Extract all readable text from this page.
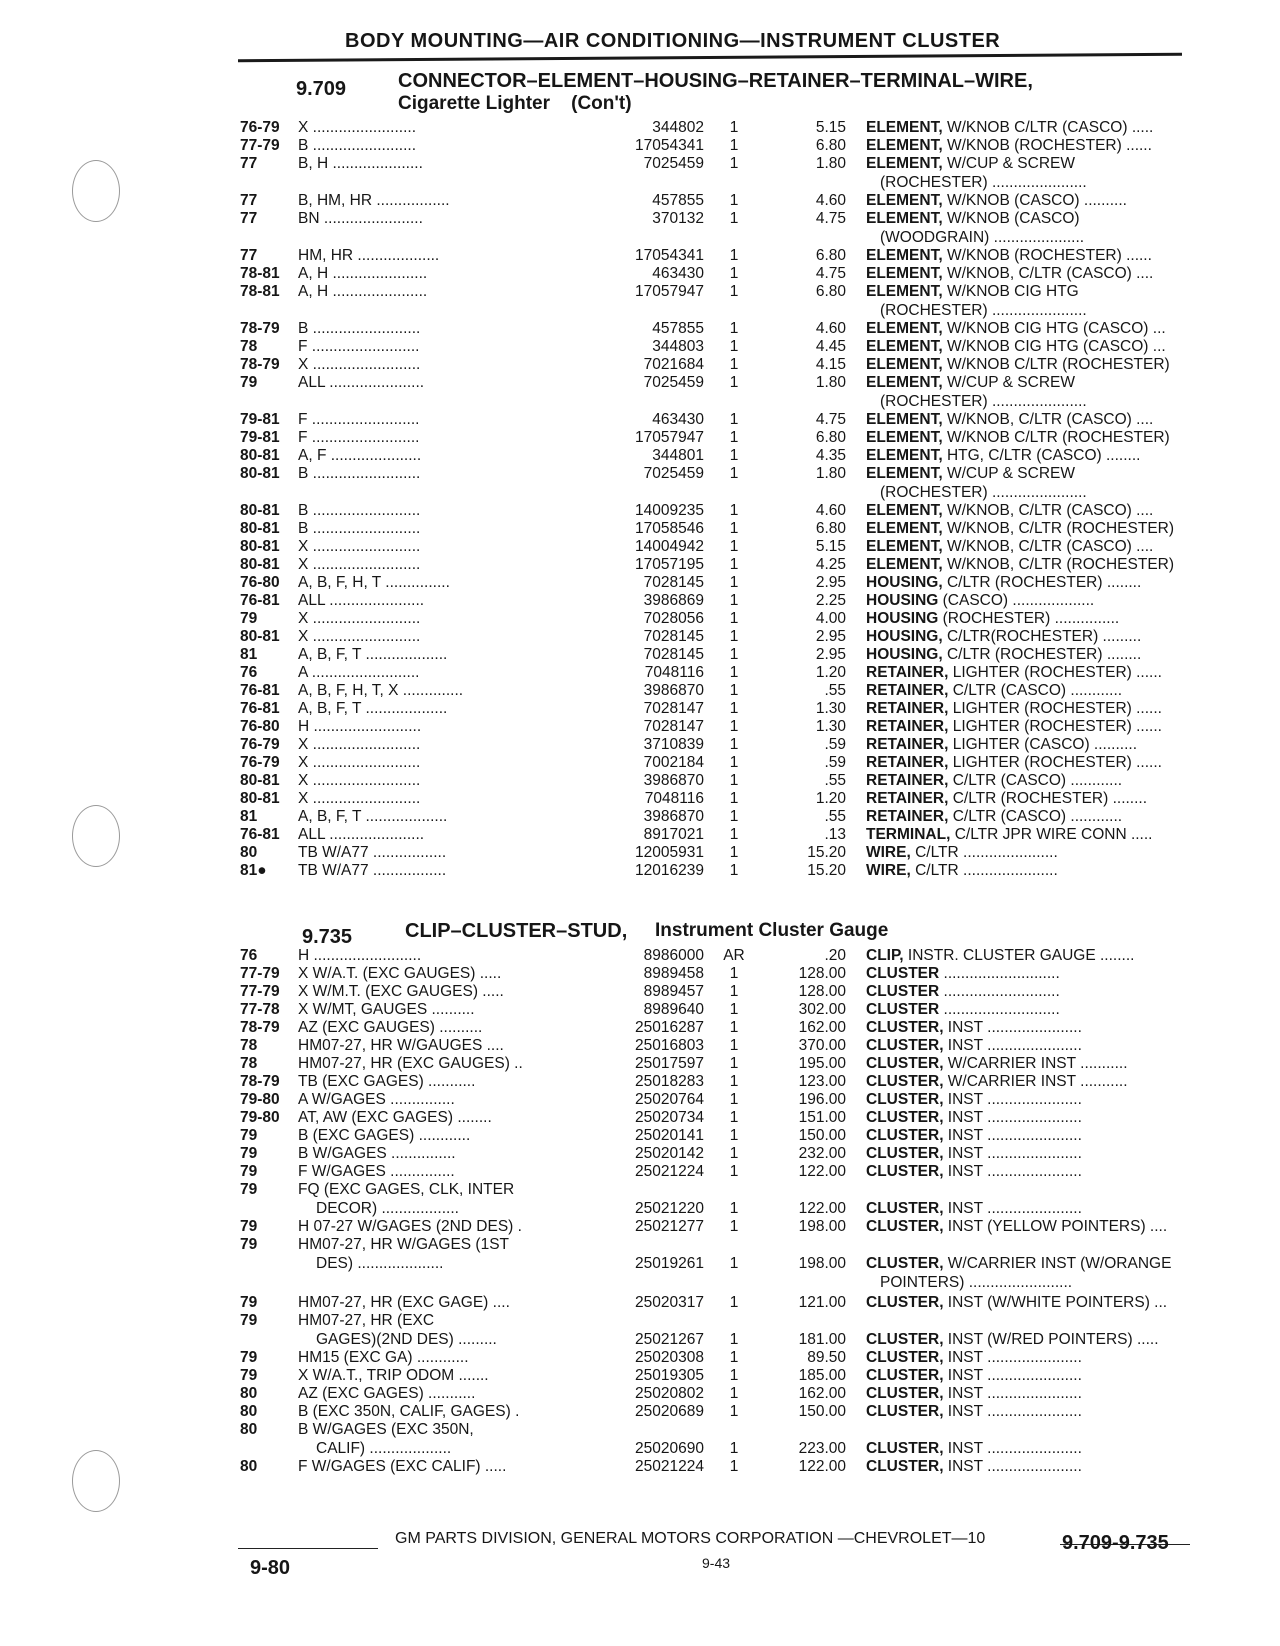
BODY MOUNTING—AIR CONDITIONING—INSTRUMENT CLUSTER
9.709	CONNECTOR–ELEMENT–HOUSING–RETAINER–TERMINAL–WIRE,
Cigarette Lighter    (Con't)
76-79	X ........................	344802	1	5.15 ELEMENT, W/KNOB C/LTR (CASCO) .....
77-79	B ........................	17054341	1	6.80 ELEMENT, W/KNOB (ROCHESTER) ......
77	B, H .....................	7025459	1	1.80 ELEMENT, W/CUP & SCREW
(ROCHESTER) ......................
77	B, HM, HR .................	457855	1	4.60 ELEMENT, W/KNOB (CASCO) ..........
77	BN .......................	370132	1	4.75 ELEMENT, W/KNOB (CASCO)
(WOODGRAIN) .....................
77	HM, HR ...................	17054341	1	6.80 ELEMENT, W/KNOB (ROCHESTER) ......
78-81	A, H ......................	463430	1	4.75 ELEMENT, W/KNOB, C/LTR (CASCO) ....
78-81	A, H ......................	17057947	1	6.80 ELEMENT, W/KNOB CIG HTG
(ROCHESTER) ......................
78-79	B .........................	457855	1	4.60 ELEMENT, W/KNOB CIG HTG (CASCO) ...
78	F .........................	344803	1	4.45 ELEMENT, W/KNOB CIG HTG (CASCO) ...
78-79	X .........................	7021684	1	4.15 ELEMENT, W/KNOB C/LTR (ROCHESTER)
79	ALL ......................	7025459	1	1.80 ELEMENT, W/CUP & SCREW
(ROCHESTER) ......................
79-81	F .........................	463430	1	4.75 ELEMENT, W/KNOB, C/LTR (CASCO) ....
79-81	F .........................	17057947	1	6.80 ELEMENT, W/KNOB C/LTR (ROCHESTER)
80-81	A, F .....................	344801	1	4.35 ELEMENT, HTG, C/LTR (CASCO) ........
80-81	B .........................	7025459	1	1.80 ELEMENT, W/CUP & SCREW
(ROCHESTER) ......................
80-81	B .........................	14009235	1	4.60 ELEMENT, W/KNOB, C/LTR (CASCO) ....
80-81	B .........................	17058546	1	6.80 ELEMENT, W/KNOB, C/LTR (ROCHESTER)
80-81	X .........................	14004942	1	5.15 ELEMENT, W/KNOB, C/LTR (CASCO) ....
80-81	X .........................	17057195	1	4.25 ELEMENT, W/KNOB, C/LTR (ROCHESTER)
76-80	A, B, F, H, T ...............	7028145	1	2.95 HOUSING, C/LTR (ROCHESTER) ........
76-81	ALL ......................	3986869	1	2.25 HOUSING (CASCO) ...................
79	X .........................	7028056	1	4.00 HOUSING (ROCHESTER) ...............
80-81	X .........................	7028145	1	2.95 HOUSING, C/LTR(ROCHESTER) .........
81	A, B, F, T ...................	7028145	1	2.95 HOUSING, C/LTR (ROCHESTER) ........
76	A .........................	7048116	1	1.20 RETAINER, LIGHTER (ROCHESTER) ......
76-81	A, B, F, H, T, X ..............	3986870	1	.55 RETAINER, C/LTR (CASCO) ............
76-81	A, B, F, T ...................	7028147	1	1.30 RETAINER, LIGHTER (ROCHESTER) ......
76-80	H .........................	7028147	1	1.30 RETAINER, LIGHTER (ROCHESTER) ......
76-79	X .........................	3710839	1	.59 RETAINER, LIGHTER (CASCO) ..........
76-79	X .........................	7002184	1	.59 RETAINER, LIGHTER (ROCHESTER) ......
80-81	X .........................	3986870	1	.55 RETAINER, C/LTR (CASCO) ............
80-81	X .........................	7048116	1	1.20 RETAINER, C/LTR (ROCHESTER) ........
81	A, B, F, T ...................	3986870	1	.55 RETAINER, C/LTR (CASCO) ............
76-81	ALL ......................	8917021	1	.13 TERMINAL, C/LTR JPR WIRE CONN .....
80	TB W/A77 .................	12005931	1	15.20 WIRE, C/LTR ......................
81●	TB W/A77 .................	12016239	1	15.20 WIRE, C/LTR ......................
9.735	CLIP–CLUSTER–STUD, Instrument Cluster Gauge
76	H .........................	8986000	AR	.20 CLIP, INSTR. CLUSTER GAUGE ........
77-79	X W/A.T. (EXC GAUGES) .....	8989458	1	128.00 CLUSTER ...........................
77-79	X W/M.T. (EXC GAUGES) .....	8989457	1	128.00 CLUSTER ...........................
77-78	X W/MT, GAUGES ..........	8989640	1	302.00 CLUSTER ...........................
78-79	AZ (EXC GAUGES) ..........	25016287	1	162.00 CLUSTER, INST ......................
78	HM07-27, HR W/GAUGES ....	25016803	1	370.00 CLUSTER, INST ......................
78	HM07-27, HR (EXC GAUGES) ..	25017597	1	195.00 CLUSTER, W/CARRIER INST ...........
78-79	TB (EXC GAGES) ...........	25018283	1	123.00 CLUSTER, W/CARRIER INST ...........
79-80	A W/GAGES ...............	25020764	1	196.00 CLUSTER, INST ......................
79-80	AT, AW (EXC GAGES) ........	25020734	1	151.00 CLUSTER, INST ......................
79	B (EXC GAGES) ............	25020141	1	150.00 CLUSTER, INST ......................
79	B W/GAGES ...............	25020142	1	232.00 CLUSTER, INST ......................
79	F W/GAGES ...............	25021224	1	122.00 CLUSTER, INST ......................
79	FQ (EXC GAGES, CLK, INTER
DECOR) ..................	25021220	1	122.00 CLUSTER, INST ......................
79	H 07-27 W/GAGES (2ND DES) .	25021277	1	198.00 CLUSTER, INST (YELLOW POINTERS) ....
79	HM07-27, HR W/GAGES (1ST
DES) ....................	25019261	1	198.00 CLUSTER, W/CARRIER INST (W/ORANGE
POINTERS) ........................
79	HM07-27, HR (EXC GAGE) ....	25020317	1	121.00 CLUSTER, INST (W/WHITE POINTERS) ...
79	HM07-27, HR (EXC
GAGES)(2ND DES) .........	25021267	1	181.00 CLUSTER, INST (W/RED POINTERS) .....
79	HM15 (EXC GA) ............	25020308	1	89.50 CLUSTER, INST ......................
79	X W/A.T., TRIP ODOM .......	25019305	1	185.00 CLUSTER, INST ......................
80	AZ (EXC GAGES) ...........	25020802	1	162.00 CLUSTER, INST ......................
80	B (EXC 350N, CALIF, GAGES) .	25020689	1	150.00 CLUSTER, INST ......................
80	B W/GAGES (EXC 350N,
CALIF) ...................	25020690	1	223.00 CLUSTER, INST ......................
80	F W/GAGES (EXC CALIF) .....	25021224	1	122.00 CLUSTER, INST ......................
GM PARTS DIVISION, GENERAL MOTORS CORPORATION —CHEVROLET—10
9-80	9-43
9.709-9.735
